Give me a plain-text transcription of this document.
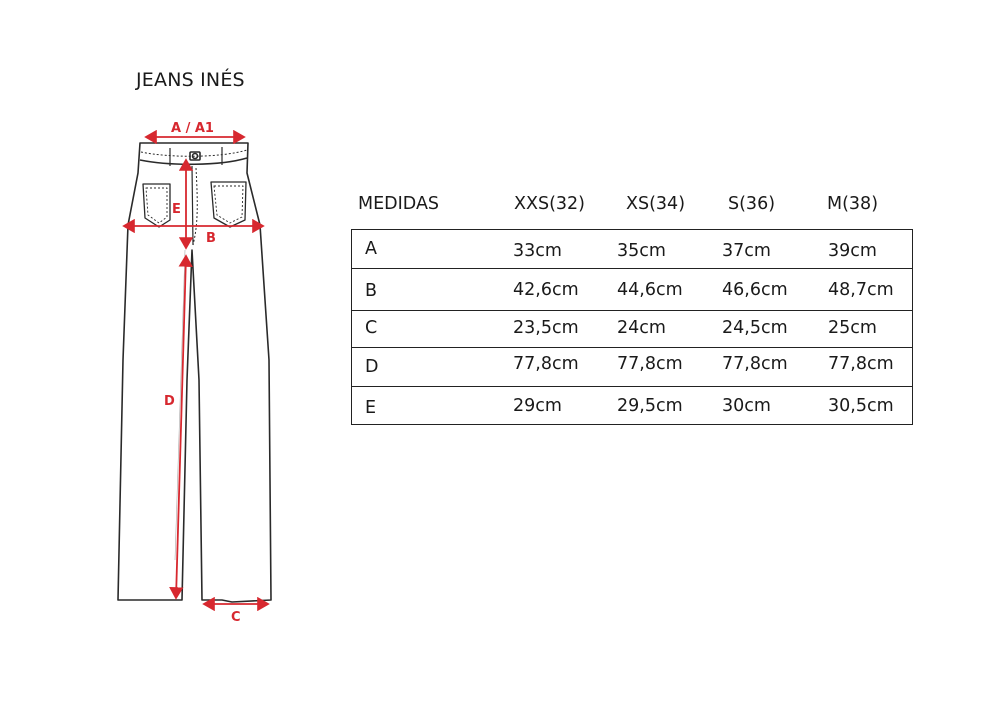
JEANS INÉS
A / A1
B
E
D
C
MEDIDAS	XXS(32) XS(34) S(36)	M(38)
A	33cm	35cm	37cm	39cm
B	42,6cm 44,6cm 46,6cm 48,7cm
C	23,5cm 24cm	24,5cm 25cm
D	77,8cm 77,8cm 77,8cm 77,8cm
E	29cm	29,5cm 30cm	30,5cm
